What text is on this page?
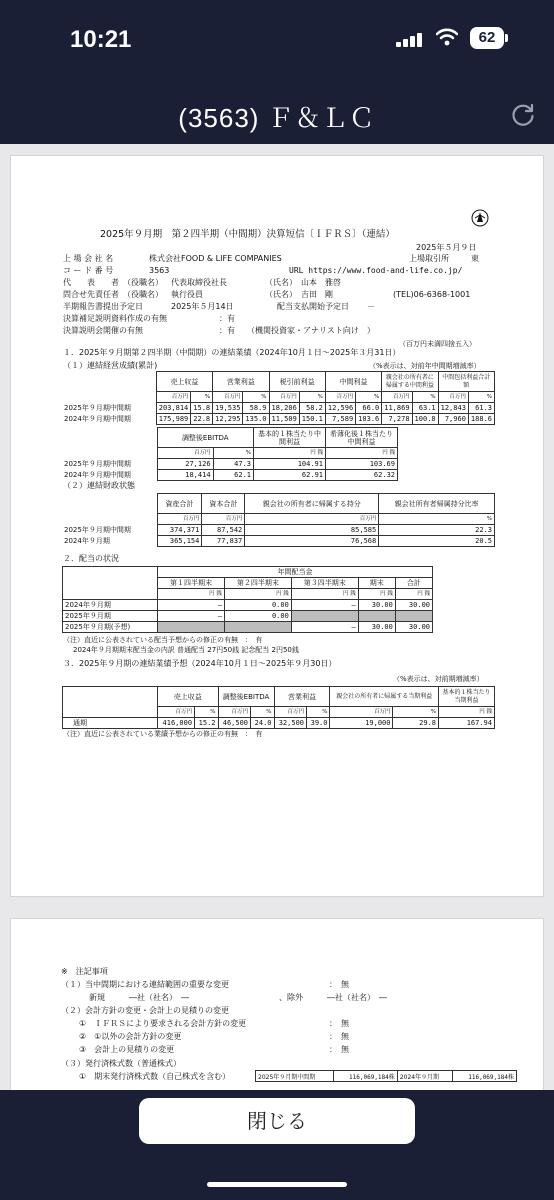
10:21	62
(3563) Ｆ＆ＬＣ
2025年９月期　第２四半期（中間期）決算短信〔ＩＦＲＳ〕（連結）
2025年５月９日
上 場 会 社 名	株式会社FOOD & LIFE COMPANIES	上場取引所	東
コ ー ド 番 号	3563	URL https://www.food-and-life.co.jp/
代　　表　　者　（役職名） 代表取締役社長	（氏名）　山本　雅啓
問合せ先責任者　（役職名） 執行役員	（氏名）　吉田　剛	(TEL)06-6368-1001
半期報告書提出予定日	2025年５月14日	配当支払開始予定日 －
決算補足説明資料作成の有無	：有
決算説明会開催の有無	：有　　（機関投資家・アナリスト向け　）
（百万円未満四捨五入）
１．2025年９月期第２四半期（中間期）の連結業績（2024年10月１日～2025年３月31日）
（１）連結経営成績(累計)	（%表示は、対前年中間期増減率）
	売上収益		営業利益		税引前利益		中間利益		親会社の所有者に帰属する中間利益		中間包括利益合計額	
	百万円	%	百万円	%	百万円	%	百万円	%	百万円	%	百万円	%
2025年９月期中間期	203,814	15.8	19,535	58.9	18,206	58.2	12,596	66.0	11,869	63.1	12,843	61.3
2024年９月期中間期	175,989	22.8	12,295	135.0	11,509	150.1	7,589	103.6	7,278	100.8	7,960	188.6
	調整後EBITDA		基本的１株当たり中間利益	希薄化後１株当たり中間利益
	百万円	%	円 銭	円 銭
2025年９月期中間期	27,126	47.3	104.91	103.69
2024年９月期中間期	18,414	62.1	62.91	62.32
（２）連結財政状態
	資産合計	資本合計	親会社の所有者に帰属する持分	親会社所有者帰属持分比率
	百万円	百万円	百万円	%
2025年９月期中間期	374,371	87,542	85,585	22.3
2024年９月期	365,154	77,837	76,568	20.5
２．配当の状況
	年間配当金				
	第１四半期末	第２四半期末	第３四半期末	期末	合計
	円 銭	円 銭	円 銭	円 銭	円 銭
2024年９月期	―	0.00	―	30.00	30.00
2025年９月期	―	0.00			
2025年９月期(予想)			―	30.00	30.00
（注）直近に公表されている配当予想からの修正の有無　：　有
2024年９月期期末配当金の内訳 普通配当 27円50銭 記念配当 2円50銭
３．2025年９月期の連結業績予想（2024年10月１日～2025年９月30日）
（%表示は、対前期増減率）
	売上収益		調整後EBITDA		営業利益		親会社の所有者に帰属する当期利益		基本的１株当たり当期利益
	百万円	%	百万円	%	百万円	%	百万円	%	円 銭
通期	416,000	15.2	46,500	24.0	32,500	39.0	19,000	29.8	167.94
（注）直近に公表されている業績予想からの修正の有無　：　有
※　注記事項
（１）当中間期における連結範囲の重要な変更	：　無
新規　　　―社（社名）　―	、除外　　　―社（社名）　―
（２）会計方針の変更・会計上の見積りの変更
①　ＩＦＲＳにより要求される会計方針の変更	：　無
②　①以外の会計方針の変更	：　無
③　会計上の見積りの変更	：　無
（３）発行済株式数（普通株式）
①　期末発行済株式数（自己株式を含む）	2025年９月期中間期	116,069,184株	2024年９月期	116,069,184株
閉じる
